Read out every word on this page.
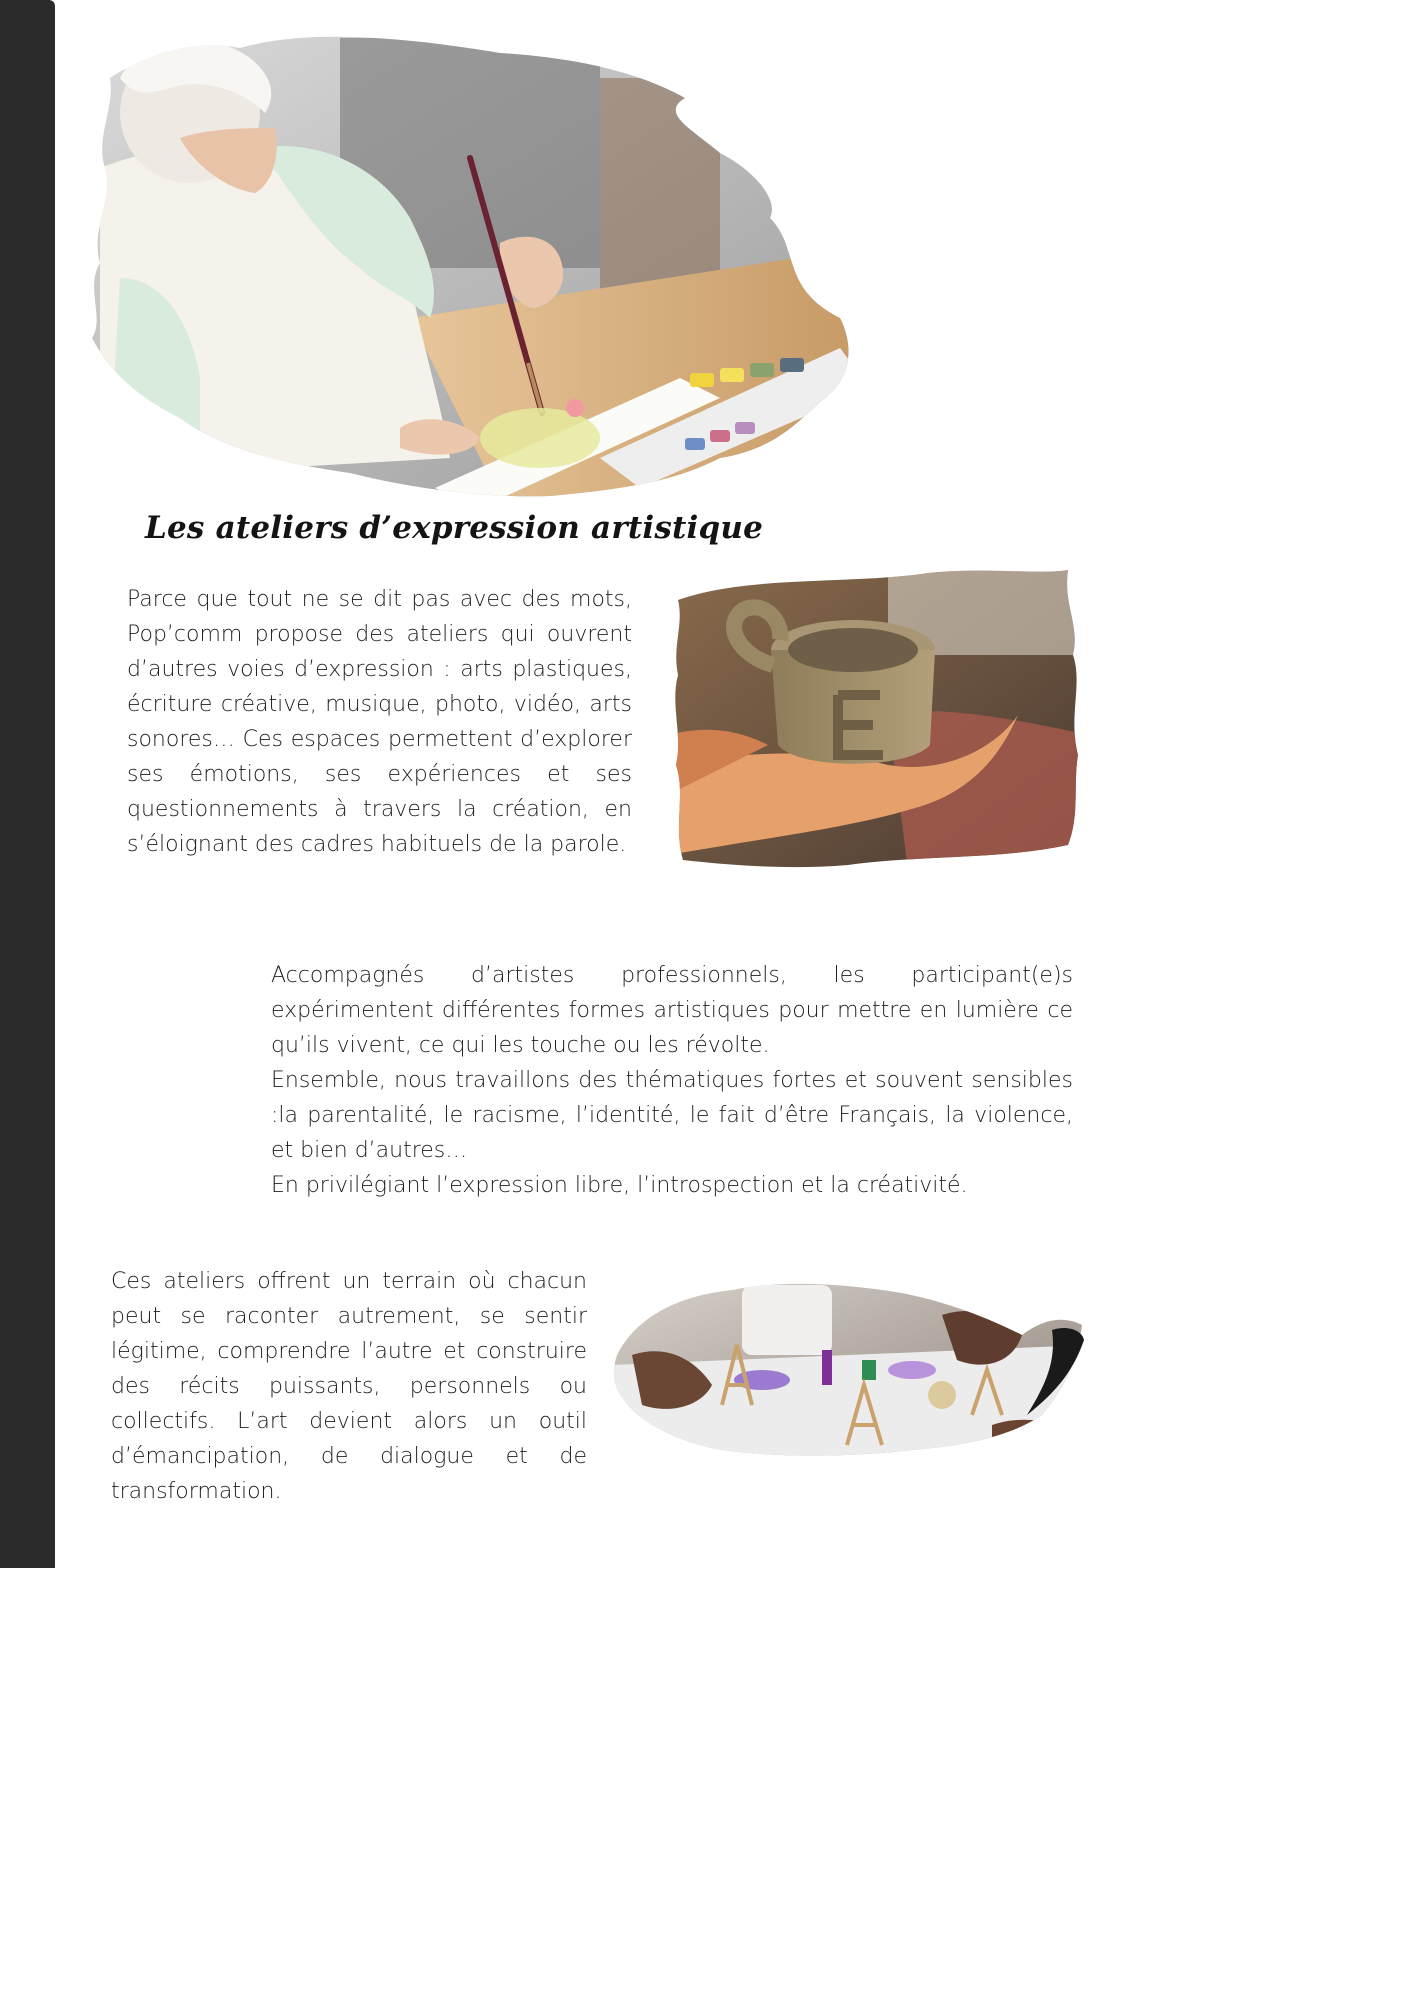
Les ateliers d’expression artistique

Parce que tout ne se dit pas avec des mots, Pop’comm propose des ateliers qui ouvrent d’autres voies d’expression : arts plastiques, écriture créative, musique, photo, vidéo, arts sonores… Ces espaces permettent d’explorer ses émotions, ses expériences et ses questionnements à travers la création, en s’éloignant des cadres habituels de la parole.

Accompagnés d’artistes professionnels, les participant(e)s expérimentent différentes formes artistiques pour mettre en lumière ce qu’ils vivent, ce qui les touche ou les révolte.

Ensemble, nous travaillons des thématiques fortes et souvent sensibles :la parentalité, le racisme, l’identité, le fait d’être Français, la violence, et bien d’autres…

En privilégiant l’expression libre, l’introspection et la créativité.

Ces ateliers offrent un terrain où chacun peut se raconter autrement, se sentir légitime, comprendre l’autre et construire des récits puissants, personnels ou collectifs. L’art devient alors un outil d’émancipation, de dialogue et de transformation.
